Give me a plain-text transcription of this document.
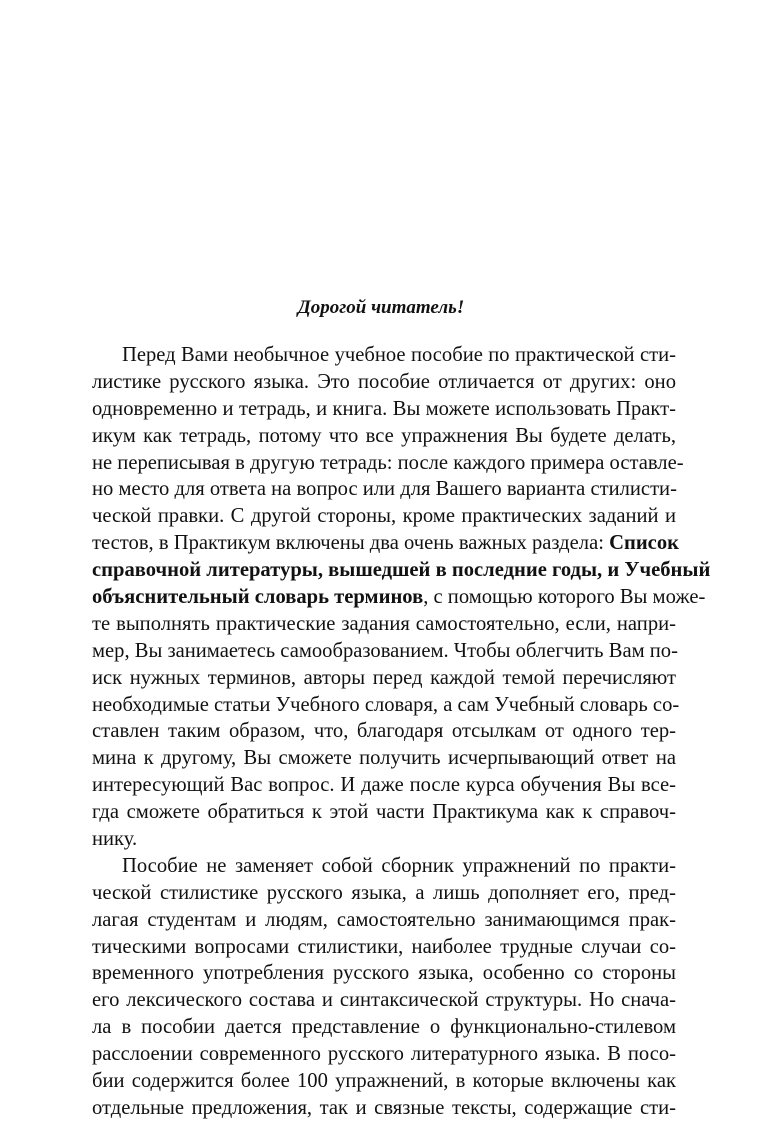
Дорогой читатель!
Перед Вами необычное учебное пособие по практической сти-
листике русского языка. Это пособие отличается от других: оно
одновременно и тетрадь, и книга. Вы можете использовать Практ-
икум как тетрадь, потому что все упражнения Вы будете делать,
не переписывая в другую тетрадь: после каждого примера оставле-
но место для ответа на вопрос или для Вашего варианта стилисти-
ческой правки. С другой стороны, кроме практических заданий и
тестов, в Практикум включены два очень важных раздела: Список
справочной литературы, вышедшей в последние годы, и Учебный
объяснительный словарь терминов, с помощью которого Вы може-
те выполнять практические задания самостоятельно, если, напри-
мер, Вы занимаетесь самообразованием. Чтобы облегчить Вам по-
иск нужных терминов, авторы перед каждой темой перечисляют
необходимые статьи Учебного словаря, а сам Учебный словарь со-
ставлен таким образом, что, благодаря отсылкам от одного тер-
мина к другому, Вы сможете получить исчерпывающий ответ на
интересующий Вас вопрос. И даже после курса обучения Вы все-
гда сможете обратиться к этой части Практикума как к справоч-
нику.
Пособие не заменяет собой сборник упражнений по практи-
ческой стилистике русского языка, а лишь дополняет его, пред-
лагая студентам и людям, самостоятельно занимающимся прак-
тическими вопросами стилистики, наиболее трудные случаи со-
временного употребления русского языка, особенно со стороны
его лексического состава и синтаксической структуры. Но снача-
ла в пособии дается представление о функционально-стилевом
расслоении современного русского литературного языка. В посо-
бии содержится более 100 упражнений, в которые включены как
отдельные предложения, так и связные тексты, содержащие сти-
